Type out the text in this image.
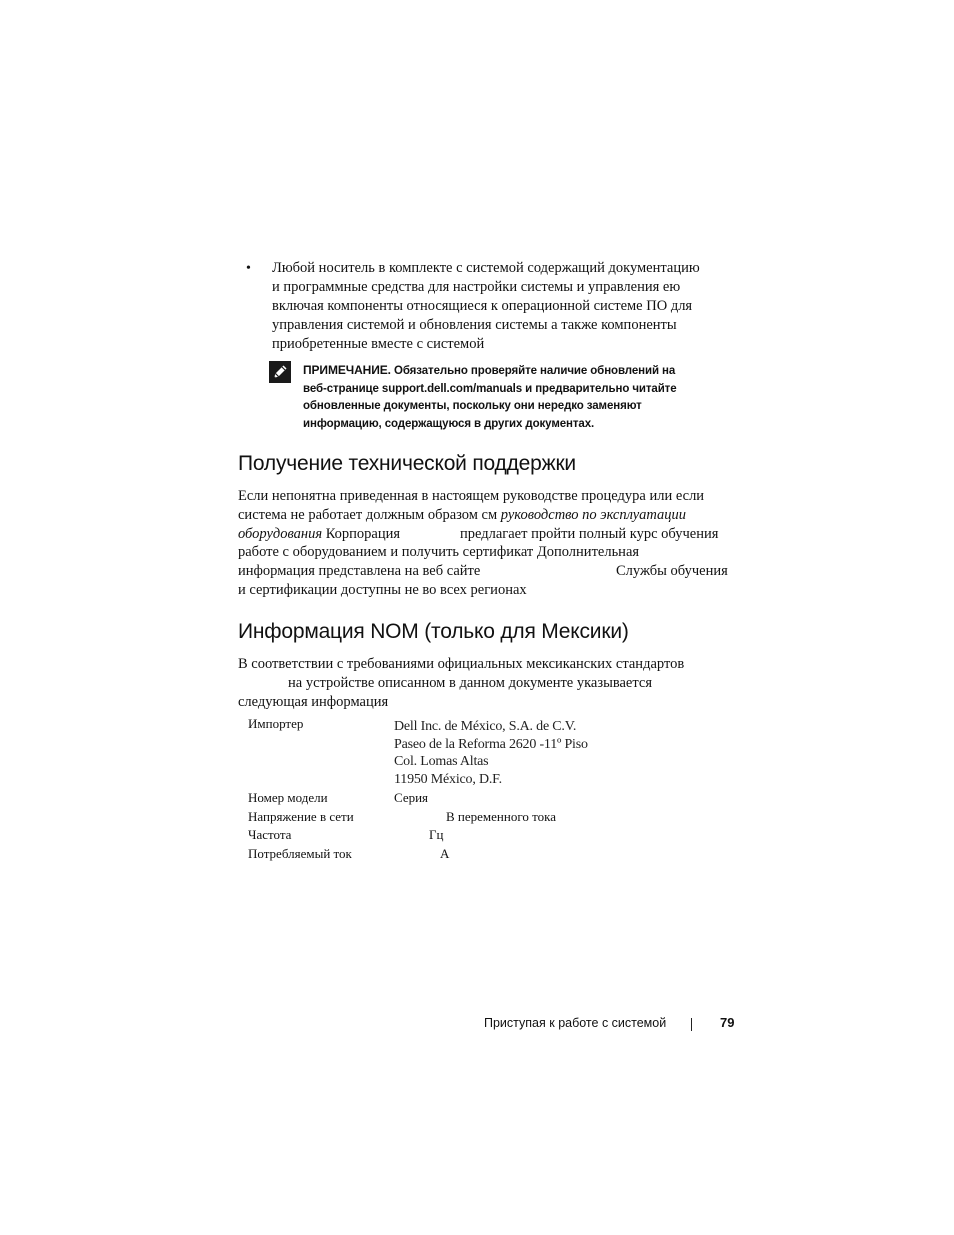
• Любой носитель в комплекте с системой содержащий документацию
и программные средства для настройки системы и управления ею
включая компоненты относящиеся к операционной системе ПО для
управления системой и обновления системы а также компоненты
приобретенные вместе с системой
ПРИМЕЧАНИЕ. Обязательно проверяйте наличие обновлений на
веб-странице support.dell.com/manuals и предварительно читайте
обновленные документы, поскольку они нередко заменяют
информацию, содержащуюся в других документах.
Получение технической поддержки
Если непонятна приведенная в настоящем руководстве процедура или если
система не работает должным образом см руководство по эксплуатации
оборудования Корпорация	предлагает пройти полный курс обучения
работе с оборудованием и получить сертификат Дополнительная
информация представлена на веб сайте	Службы обучения
и сертификации доступны не во всех регионах
Информация NOM (только для Мексики)
В соответствии с требованиями официальных мексиканских стандартов
на устройстве описанном в данном документе указывается
следующая информация
Импортер	Dell Inc. de México, S.A. de C.V.
Paseo de la Reforma 2620 -11º Piso
Col. Lomas Altas
11950 México, D.F.
Номер модели	Серия
Напряжение в сети	В переменного тока
Частота	Гц
Потребляемый ток	А
Приступая к работе с системой	79
